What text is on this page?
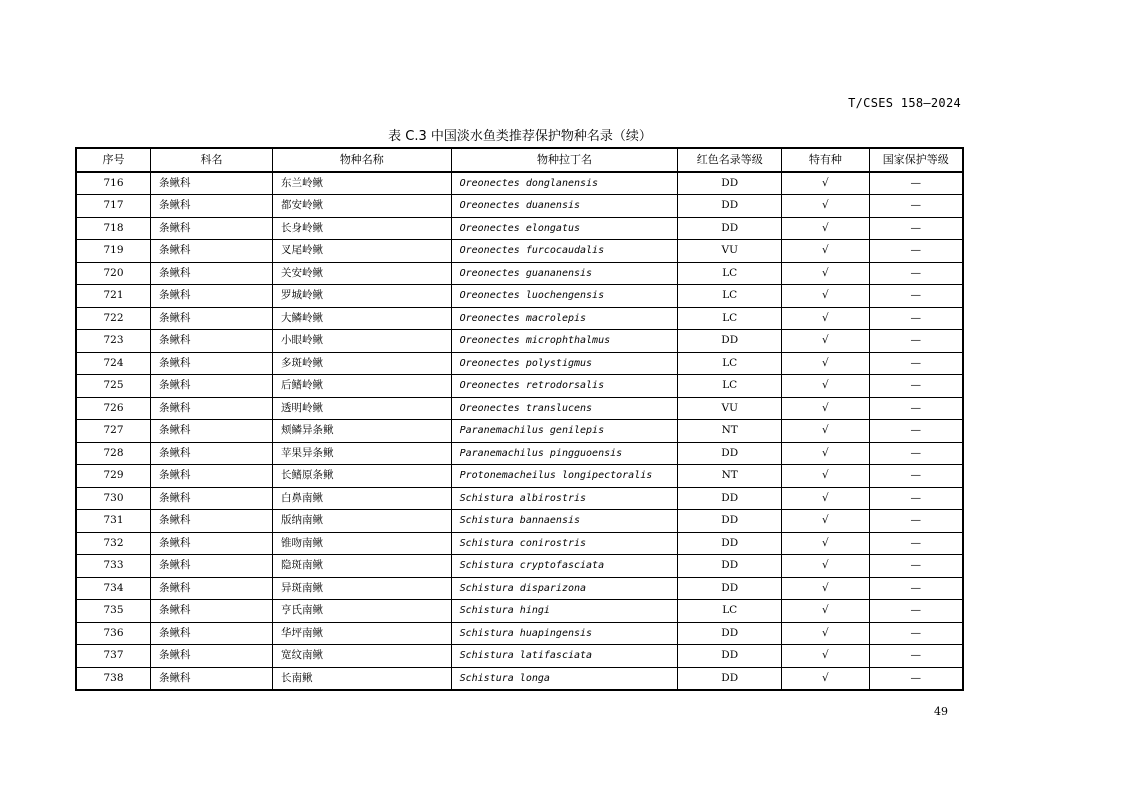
T/CSES 158—2024
表 C.3 中国淡水鱼类推荐保护物种名录（续）
序号	科名	物种名称	物种拉丁名	红色名录等级	特有种	国家保护等级
716	条鳅科	东兰岭鳅	Oreonectes donglanensis	DD	√	—
717	条鳅科	都安岭鳅	Oreonectes duanensis	DD	√	—
718	条鳅科	长身岭鳅	Oreonectes elongatus	DD	√	—
719	条鳅科	叉尾岭鳅	Oreonectes furcocaudalis	VU	√	—
720	条鳅科	关安岭鳅	Oreonectes guananensis	LC	√	—
721	条鳅科	罗城岭鳅	Oreonectes luochengensis	LC	√	—
722	条鳅科	大鳞岭鳅	Oreonectes macrolepis	LC	√	—
723	条鳅科	小眼岭鳅	Oreonectes microphthalmus	DD	√	—
724	条鳅科	多斑岭鳅	Oreonectes polystigmus	LC	√	—
725	条鳅科	后鳍岭鳅	Oreonectes retrodorsalis	LC	√	—
726	条鳅科	透明岭鳅	Oreonectes translucens	VU	√	—
727	条鳅科	颊鳞异条鳅	Paranemachilus genilepis	NT	√	—
728	条鳅科	苹果异条鳅	Paranemachilus pingguoensis	DD	√	—
729	条鳅科	长鳍原条鳅	Protonemacheilus longipectoralis	NT	√	—
730	条鳅科	白鼻南鳅	Schistura albirostris	DD	√	—
731	条鳅科	版纳南鳅	Schistura bannaensis	DD	√	—
732	条鳅科	锥吻南鳅	Schistura conirostris	DD	√	—
733	条鳅科	隐斑南鳅	Schistura cryptofasciata	DD	√	—
734	条鳅科	异斑南鳅	Schistura disparizona	DD	√	—
735	条鳅科	亨氏南鳅	Schistura hingi	LC	√	—
736	条鳅科	华坪南鳅	Schistura huapingensis	DD	√	—
737	条鳅科	宽纹南鳅	Schistura latifasciata	DD	√	—
738	条鳅科	长南鳅	Schistura longa	DD	√	—
49
